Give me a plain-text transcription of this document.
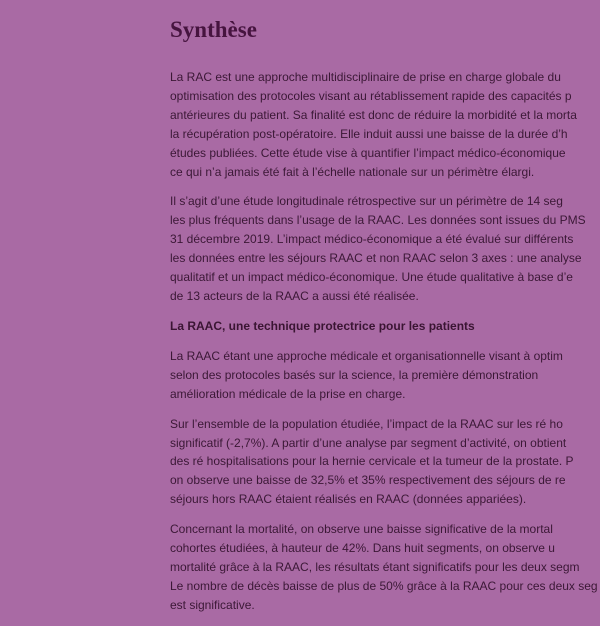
Synthèse

La RAC est une approche multidisciplinaire de prise en charge globale du
optimisation des protocoles visant au rétablissement rapide des capacités p
antérieures du patient. Sa finalité est donc de réduire la morbidité et la morta
la récupération post-opératoire. Elle induit aussi une baisse de la durée d’h
études publiées. Cette étude vise à quantifier l’impact médico-économique
ce qui n’a jamais été fait à l’échelle nationale sur un périmètre élargi.

Il s’agit d’une étude longitudinale rétrospective sur un périmètre de 14 seg
les plus fréquents dans l’usage de la RAAC. Les données sont issues du PMS
31 décembre 2019. L’impact médico-économique a été évalué sur différents
les données entre les séjours RAAC et non RAAC selon 3 axes : une analyse
qualitatif et un impact médico-économique. Une étude qualitative à base d’e
de 13 acteurs de la RAAC a aussi été réalisée.

La RAAC, une technique protectrice pour les patients

La RAAC étant une approche médicale et organisationnelle visant à optim
selon des protocoles basés sur la science, la première démonstration
amélioration médicale de la prise en charge.

Sur l’ensemble de la population étudiée, l’impact de la RAAC sur les ré ho
significatif (-2,7%). A partir d’une analyse par segment d’activité, on obtient
des ré hospitalisations pour la hernie cervicale et la tumeur de la prostate. P
on observe une baisse de 32,5% et 35% respectivement des séjours de re
séjours hors RAAC étaient réalisés en RAAC (données appariées).

Concernant la mortalité, on observe une baisse significative de la mortal
cohortes étudiées, à hauteur de 42%. Dans huit segments, on observe u
mortalité grâce à la RAAC, les résultats étant significatifs pour les deux segm
Le nombre de décès baisse de plus de 50% grâce à la RAAC pour ces deux seg
est significative.
